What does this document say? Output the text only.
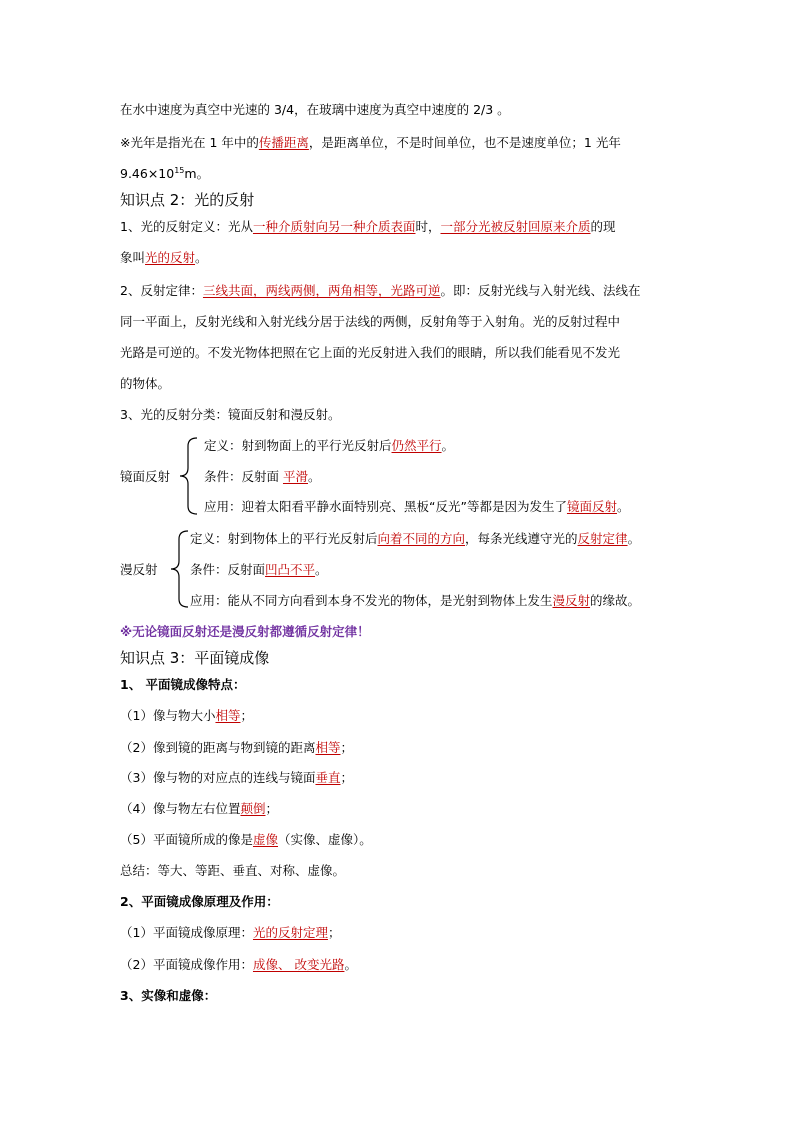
在水中速度为真空中光速的 3/4，在玻璃中速度为真空中速度的 2/3 。
※光年是指光在 1 年中的传播距离，是距离单位，不是时间单位，也不是速度单位；1 光年
$9.46\times 10^{15}m$。
知识点 2：光的反射
1、光的反射定义：光从一种介质射向另一种介质表面时，一部分光被反射回原来介质的现
象叫光的反射。
2、反射定律：三线共面，两线两侧，两角相等，光路可逆。即：反射光线与入射光线、法线在
同一平面上，反射光线和入射光线分居于法线的两侧，反射角等于入射角。光的反射过程中
光路是可逆的。不发光物体把照在它上面的光反射进入我们的眼睛，所以我们能看见不发光
的物体。
3、光的反射分类：镜面反射和漫反射。
镜面反射
定义：射到物面上的平行光反射后仍然平行。
条件：反射面 平滑。
应用：迎着太阳看平静水面特别亮、黑板“反光”等都是因为发生了镜面反射。
漫反射
定义：射到物体上的平行光反射后向着不同的方向，每条光线遵守光的反射定律。
条件：反射面凹凸不平。
应用：能从不同方向看到本身不发光的物体，是光射到物体上发生漫反射的缘故。
※无论镜面反射还是漫反射都遵循反射定律！
知识点 3：平面镜成像
1、 平面镜成像特点：
（1）像与物大小相等；
（2）像到镜的距离与物到镜的距离相等；
（3）像与物的对应点的连线与镜面垂直；
（4）像与物左右位置颠倒；
（5）平面镜所成的像是虚像（实像、虚像）。
总结：等大、等距、垂直、对称、虚像。
2、平面镜成像原理及作用：
（1）平面镜成像原理：光的反射定理；
（2）平面镜成像作用：成像、 改变光路。
3、实像和虚像：
